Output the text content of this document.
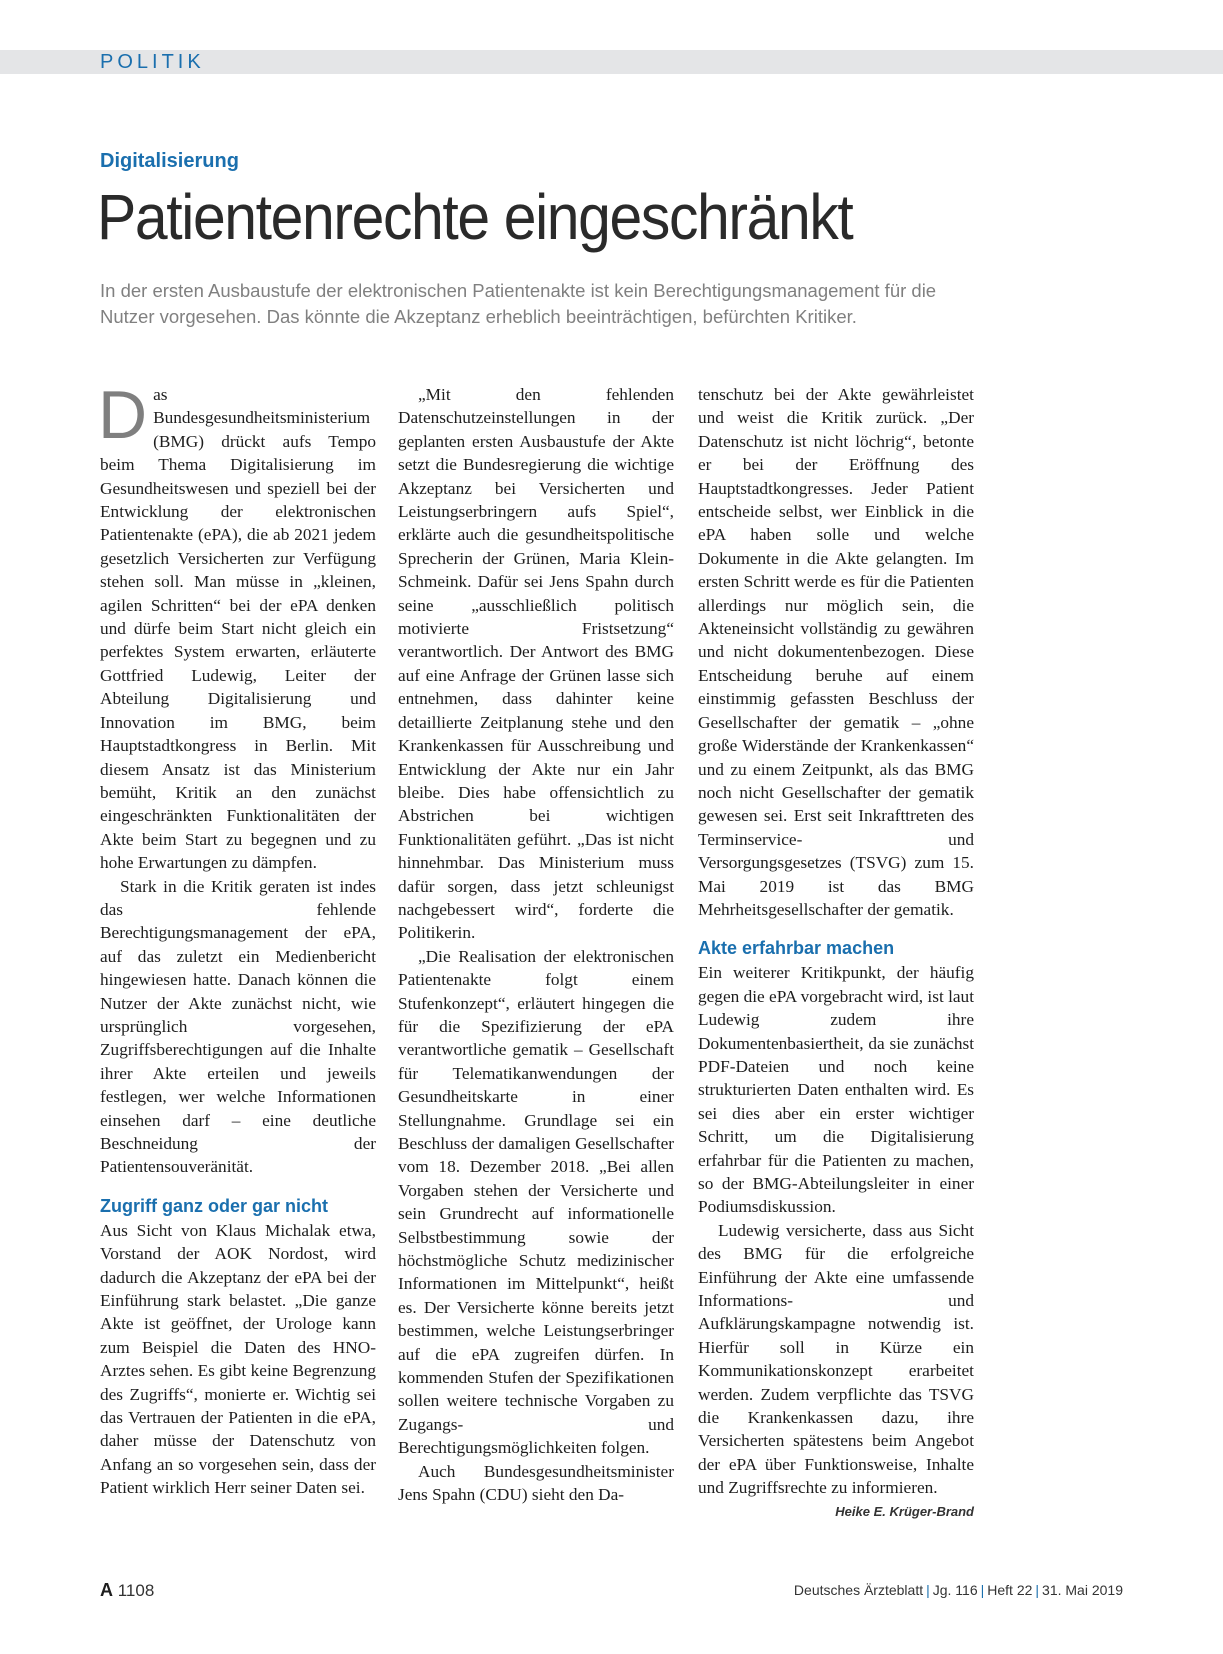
POLITIK
Digitalisierung
Patientenrechte eingeschränkt
In der ersten Ausbaustufe der elektronischen Patientenakte ist kein Berechtigungsmanagement für die Nutzer vorgesehen. Das könnte die Akzeptanz erheblich beeinträchtigen, befürchten Kritiker.

Das Bundesgesundheitsministerium (BMG) drückt aufs Tempo beim Thema Digitalisierung im Gesundheitswesen und speziell bei der Entwicklung der elektronischen Patientenakte (ePA), die ab 2021 jedem gesetzlich Versicherten zur Verfügung stehen soll. Man müsse in „kleinen, agilen Schritten“ bei der ePA denken und dürfe beim Start nicht gleich ein perfektes System erwarten, erläuterte Gottfried Ludewig, Leiter der Abteilung Digitalisierung und Innovation im BMG, beim Hauptstadtkongress in Berlin. Mit diesem Ansatz ist das Ministerium bemüht, Kritik an den zunächst eingeschränkten Funktionalitäten der Akte beim Start zu begegnen und zu hohe Erwartungen zu dämpfen.

Stark in die Kritik geraten ist indes das fehlende Berechtigungsmanagement der ePA, auf das zuletzt ein Medienbericht hingewiesen hatte. Danach können die Nutzer der Akte zunächst nicht, wie ursprünglich vorgesehen, Zugriffsberechtigungen auf die Inhalte ihrer Akte erteilen und jeweils festlegen, wer welche Informationen einsehen darf – eine deutliche Beschneidung der Patientensouveränität.

Zugriff ganz oder gar nicht

Aus Sicht von Klaus Michalak etwa, Vorstand der AOK Nordost, wird dadurch die Akzeptanz der ePA bei der Einführung stark belastet. „Die ganze Akte ist geöffnet, der Urologe kann zum Beispiel die Daten des HNO-Arztes sehen. Es gibt keine Begrenzung des Zugriffs“, monierte er. Wichtig sei das Vertrauen der Patienten in die ePA, daher müsse der Datenschutz von Anfang an so vorgesehen sein, dass der Patient wirklich Herr seiner Daten sei.

„Mit den fehlenden Datenschutzeinstellungen in der geplanten ersten Ausbaustufe der Akte setzt die Bundesregierung die wichtige Akzeptanz bei Versicherten und Leistungserbringern aufs Spiel“, erklärte auch die gesundheitspolitische Sprecherin der Grünen, Maria Klein-Schmeink. Dafür sei Jens Spahn durch seine „ausschließlich politisch motivierte Fristsetzung“ verantwortlich. Der Antwort des BMG auf eine Anfrage der Grünen lasse sich entnehmen, dass dahinter keine detaillierte Zeitplanung stehe und den Krankenkassen für Ausschreibung und Entwicklung der Akte nur ein Jahr bleibe. Dies habe offensichtlich zu Abstrichen bei wichtigen Funktionalitäten geführt. „Das ist nicht hinnehmbar. Das Ministerium muss dafür sorgen, dass jetzt schleunigst nachgebessert wird“, forderte die Politikerin.

„Die Realisation der elektronischen Patientenakte folgt einem Stufenkonzept“, erläutert hingegen die für die Spezifizierung der ePA verantwortliche gematik – Gesellschaft für Telematikanwendungen der Gesundheitskarte in einer Stellungnahme. Grundlage sei ein Beschluss der damaligen Gesellschafter vom 18. Dezember 2018. „Bei allen Vorgaben stehen der Versicherte und sein Grundrecht auf informationelle Selbstbestimmung sowie der höchstmögliche Schutz medizinischer Informationen im Mittelpunkt“, heißt es. Der Versicherte könne bereits jetzt bestimmen, welche Leistungserbringer auf die ePA zugreifen dürfen. In kommenden Stufen der Spezifikationen sollen weitere technische Vorgaben zu Zugangs- und Berechtigungsmöglichkeiten folgen.

Auch Bundesgesundheitsminister Jens Spahn (CDU) sieht den Da-

tenschutz bei der Akte gewährleistet und weist die Kritik zurück. „Der Datenschutz ist nicht löchrig“, betonte er bei der Eröffnung des Hauptstadtkongresses. Jeder Patient entscheide selbst, wer Einblick in die ePA haben solle und welche Dokumente in die Akte gelangten. Im ersten Schritt werde es für die Patienten allerdings nur möglich sein, die Akteneinsicht vollständig zu gewähren und nicht dokumentenbezogen. Diese Entscheidung beruhe auf einem einstimmig gefassten Beschluss der Gesellschafter der gematik – „ohne große Widerstände der Krankenkassen“ und zu einem Zeitpunkt, als das BMG noch nicht Gesellschafter der gematik gewesen sei. Erst seit Inkrafttreten des Terminservice- und Versorgungsgesetzes (TSVG) zum 15. Mai 2019 ist das BMG Mehrheitsgesellschafter der gematik.

Akte erfahrbar machen

Ein weiterer Kritikpunkt, der häufig gegen die ePA vorgebracht wird, ist laut Ludewig zudem ihre Dokumentenbasiertheit, da sie zunächst PDF-Dateien und noch keine strukturierten Daten enthalten wird. Es sei dies aber ein erster wichtiger Schritt, um die Digitalisierung erfahrbar für die Patienten zu machen, so der BMG-Abteilungsleiter in einer Podiumsdiskussion.

Ludewig versicherte, dass aus Sicht des BMG für die erfolgreiche Einführung der Akte eine umfassende Informations- und Aufklärungskampagne notwendig ist. Hierfür soll in Kürze ein Kommunikationskonzept erarbeitet werden. Zudem verpflichte das TSVG die Krankenkassen dazu, ihre Versicherten spätestens beim Angebot der ePA über Funktionsweise, Inhalte und Zugriffsrechte zu informieren.
Heike E. Krüger-Brand

A 1108	Deutsches Ärzteblatt | Jg. 116 | Heft 22 | 31. Mai 2019
